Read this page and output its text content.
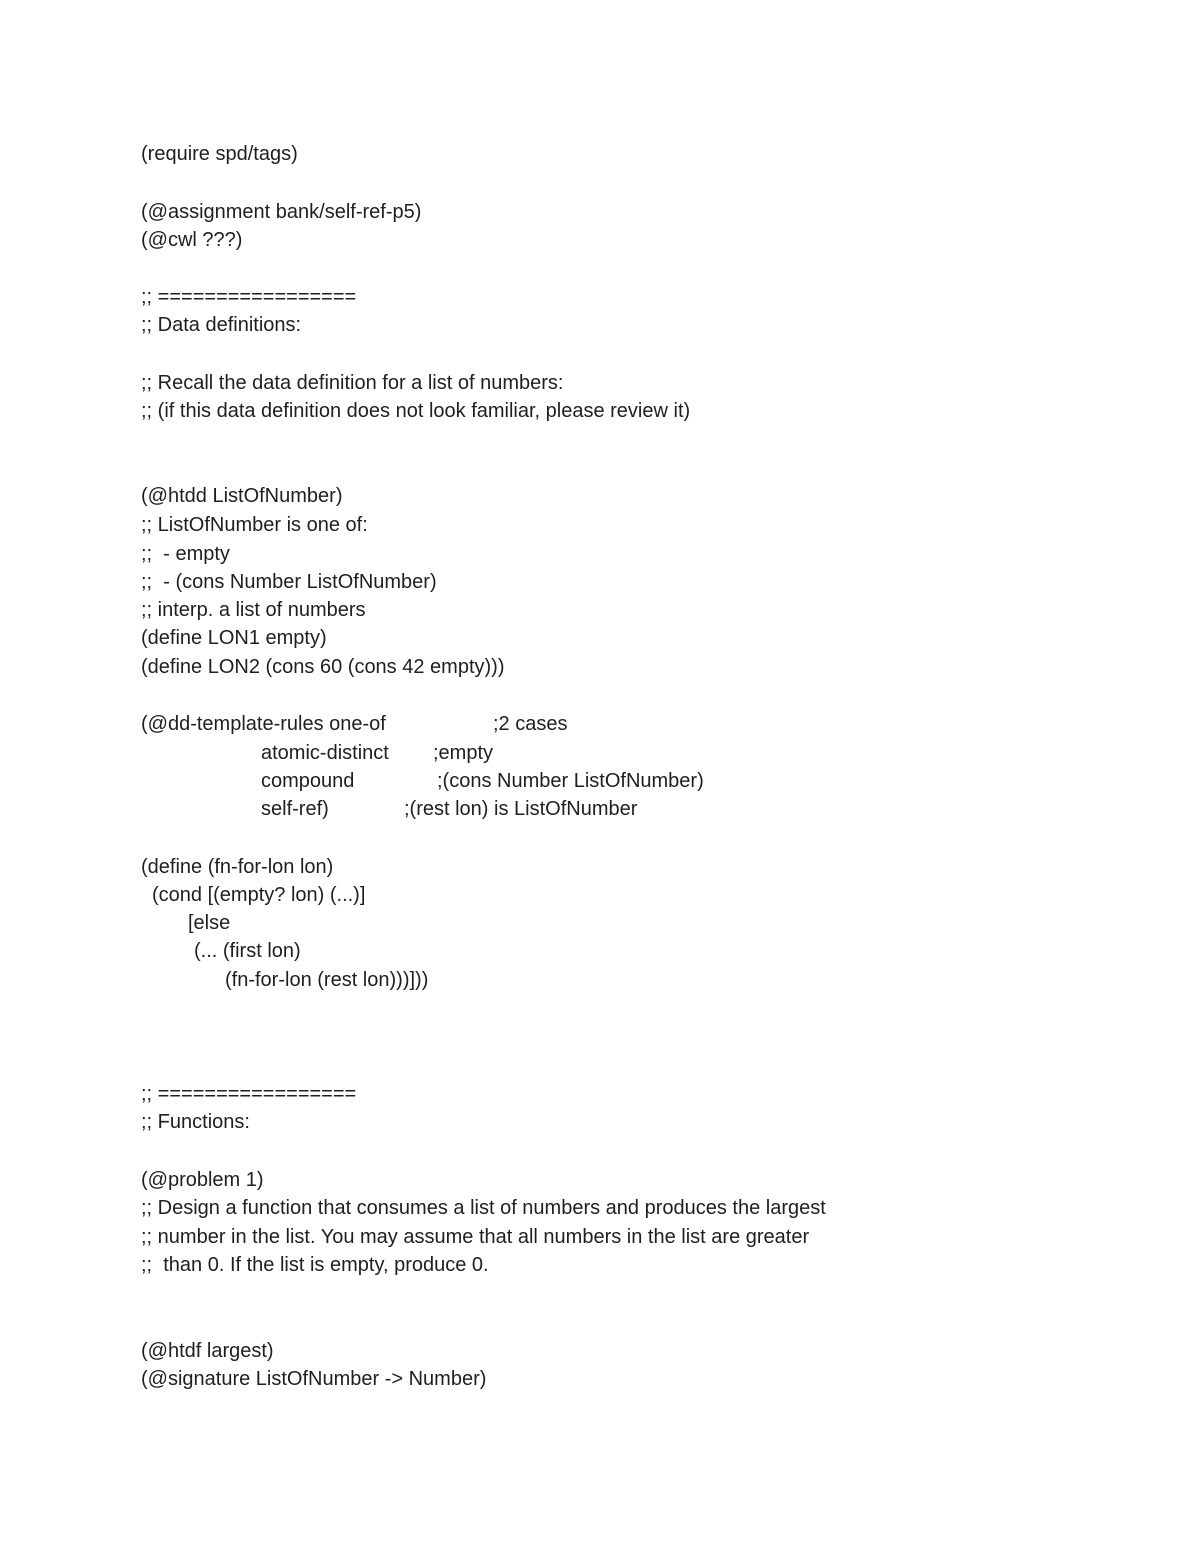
(require spd/tags)
(@assignment bank/self-ref-p5)
(@cwl ???)
;; =================
;; Data definitions:
;; Recall the data definition for a list of numbers:
;; (if this data definition does not look familiar, please review it)
(@htdd ListOfNumber)
;; ListOfNumber is one of:
;;  - empty
;;  - (cons Number ListOfNumber)
;; interp. a list of numbers
(define LON1 empty)
(define LON2 (cons 60 (cons 42 empty)))
(@dd-template-rules one-of	;2 cases
atomic-distinct ;empty
compound	;(cons Number ListOfNumber)
self-ref)	;(rest lon) is ListOfNumber
(define (fn-for-lon lon)
(cond [(empty? lon) (...)]
[else
(... (first lon)
(fn-for-lon (rest lon)))]))
;; =================
;; Functions:
(@problem 1)
;; Design a function that consumes a list of numbers and produces the largest
;; number in the list. You may assume that all numbers in the list are greater
;;  than 0. If the list is empty, produce 0.
(@htdf largest)
(@signature ListOfNumber -> Number)
